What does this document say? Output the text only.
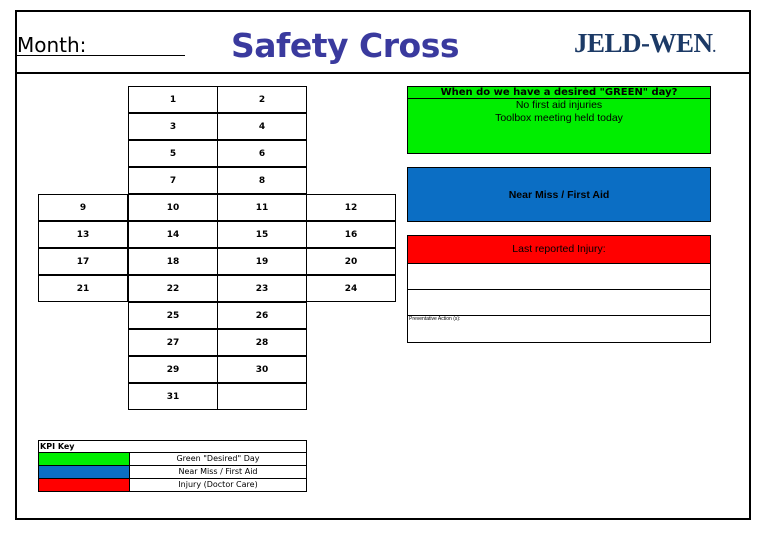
Month:	Safety Cross	JELD-WEN.
1	2
3	4
5	6
7	8
9	10	11	12
13	14	15	16
17	18	19	20
21	22	23	24
25	26
27	28
29	30
31
KPI Key
Green "Desired" Day
Near Miss / First Aid
Injury (Doctor Care)
When do we have a desired "GREEN" day?
No first aid injuries
Toolbox meeting held today
Near Miss / First Aid
Last reported Injury:
Preventative Action (s):
